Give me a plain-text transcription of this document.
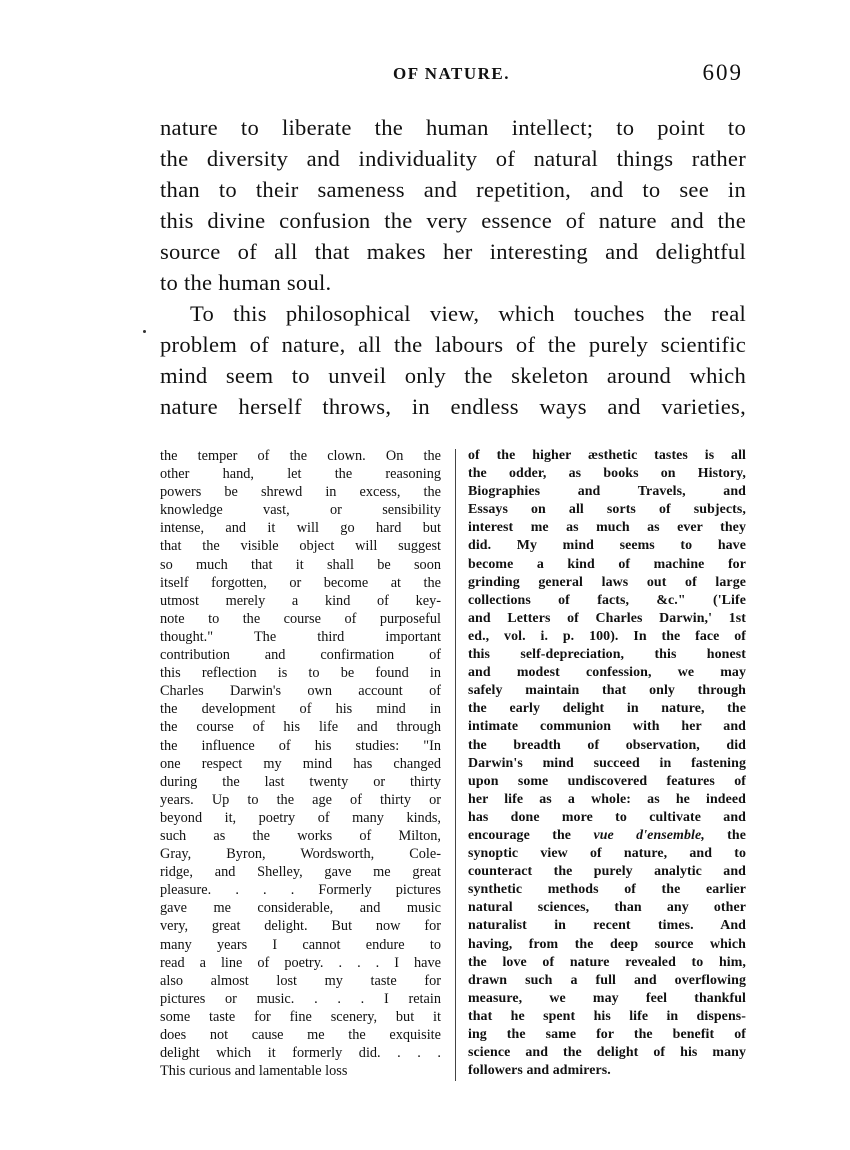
OF NATURE.	609
nature to liberate the human intellect; to point to
the diversity and individuality of natural things rather
than to their sameness and repetition, and to see in
this divine confusion the very essence of nature and the
source of all that makes her interesting and delightful
to the human soul.
To this philosophical view, which touches the real
problem of nature, all the labours of the purely scientific
mind seem to unveil only the skeleton around which
nature herself throws, in endless ways and varieties,
the temper of the clown. On the
other hand, let the reasoning
powers be shrewd in excess, the
knowledge vast, or sensibility
intense, and it will go hard but
that the visible object will suggest
so much that it shall be soon
itself forgotten, or become at the
utmost merely a kind of key-
note to the course of purposeful
thought." The third important
contribution and confirmation of
this reflection is to be found in
Charles Darwin's own account of
the development of his mind in
the course of his life and through
the influence of his studies: "In
one respect my mind has changed
during the last twenty or thirty
years. Up to the age of thirty or
beyond it, poetry of many kinds,
such as the works of Milton,
Gray, Byron, Wordsworth, Cole-
ridge, and Shelley, gave me great
pleasure. . . . Formerly pictures
gave me considerable, and music
very, great delight. But now for
many years I cannot endure to
read a line of poetry. . . . I have
also almost lost my taste for
pictures or music. . . . I retain
some taste for fine scenery, but it
does not cause me the exquisite
delight which it formerly did. . . .
This curious and lamentable loss
of the higher æsthetic tastes is all
the odder, as books on History,
Biographies and Travels, and
Essays on all sorts of subjects,
interest me as much as ever they
did. My mind seems to have
become a kind of machine for
grinding general laws out of large
collections of facts, &c." ('Life
and Letters of Charles Darwin,' 1st
ed., vol. i. p. 100). In the face of
this self-depreciation, this honest
and modest confession, we may
safely maintain that only through
the early delight in nature, the
intimate communion with her and
the breadth of observation, did
Darwin's mind succeed in fastening
upon some undiscovered features of
her life as a whole: as he indeed
has done more to cultivate and
encourage the vue d'ensemble, the
synoptic view of nature, and to
counteract the purely analytic and
synthetic methods of the earlier
natural sciences, than any other
naturalist in recent times. And
having, from the deep source which
the love of nature revealed to him,
drawn such a full and overflowing
measure, we may feel thankful
that he spent his life in dispens-
ing the same for the benefit of
science and the delight of his many
followers and admirers.
